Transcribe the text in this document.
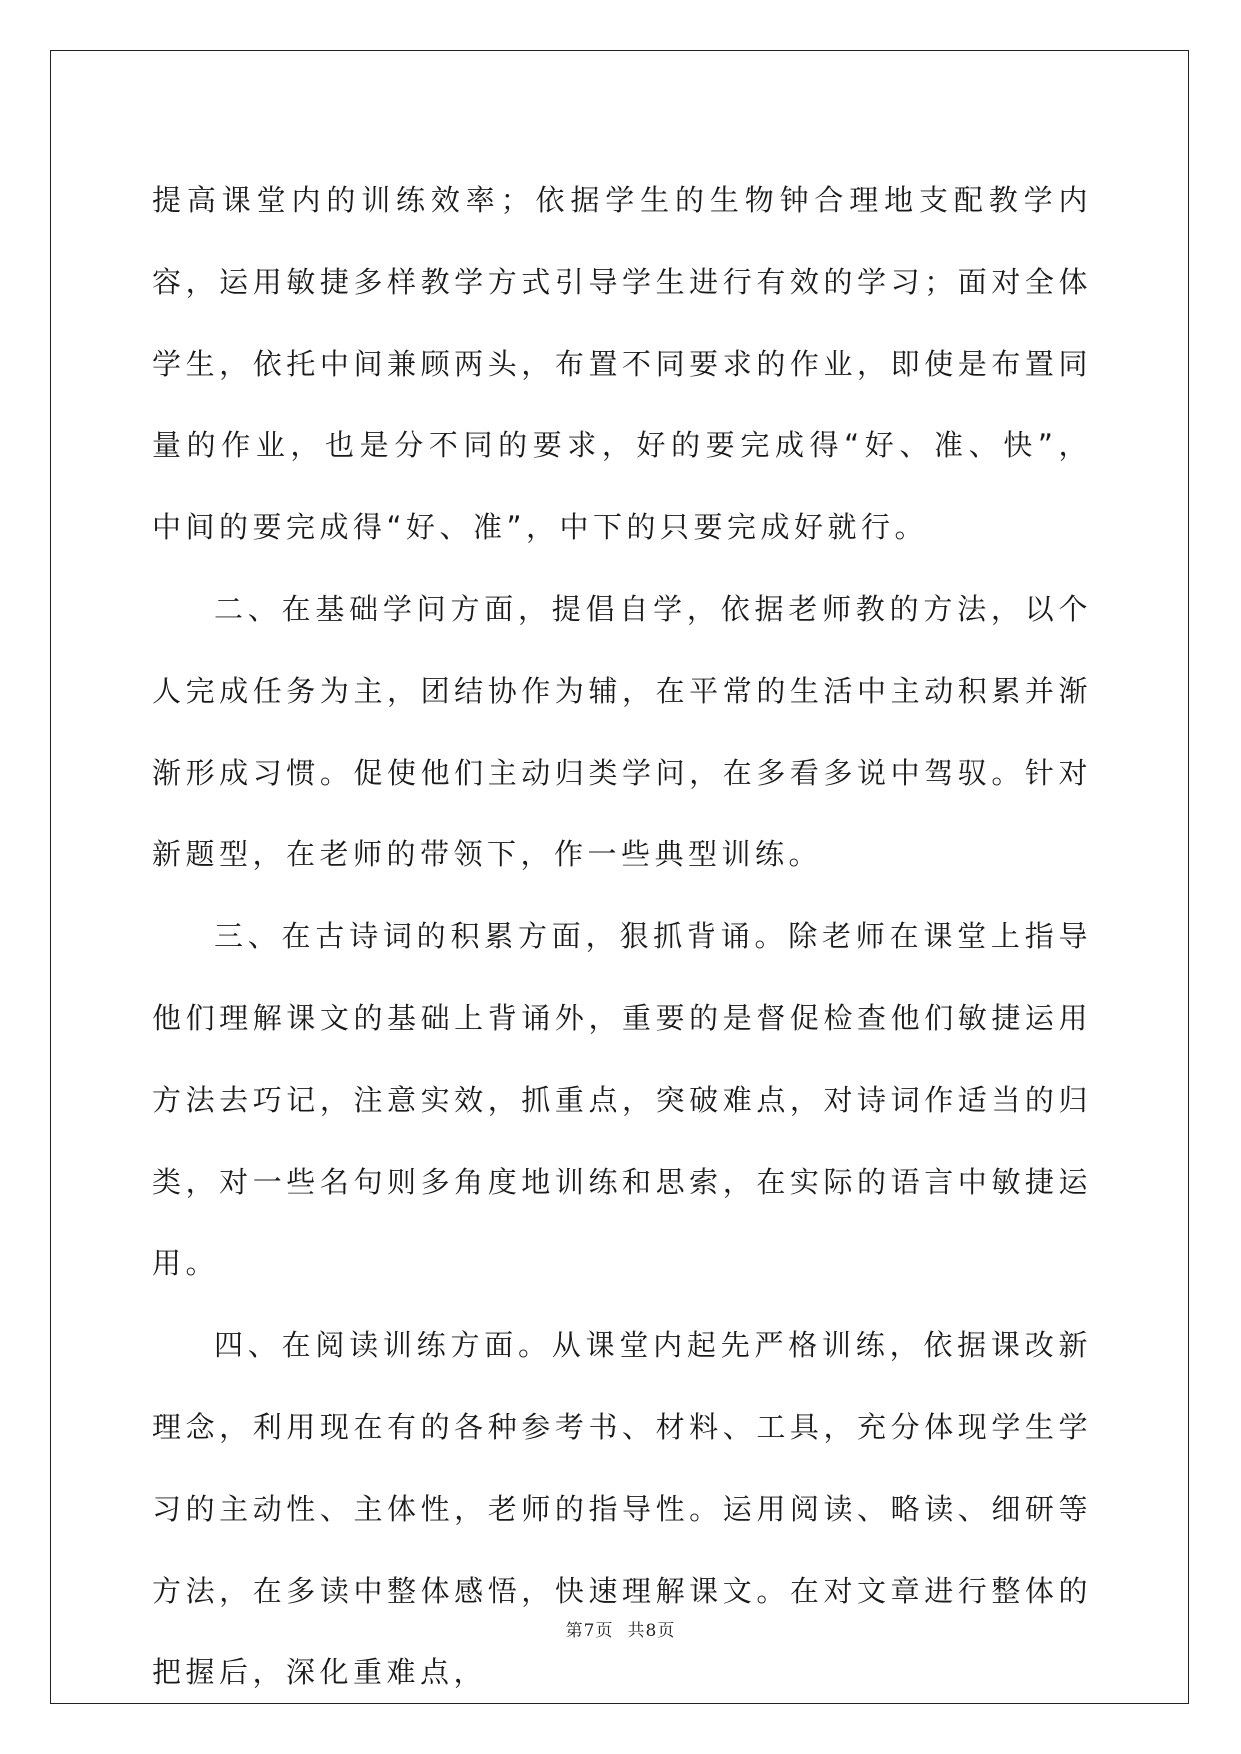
提高课堂内的训练效率；依据学生的生物钟合理地支配教学内容，运用敏捷多样教学方式引导学生进行有效的学习；面对全体学生，依托中间兼顾两头，布置不同要求的作业，即使是布置同量的作业，也是分不同的要求，好的要完成得“好、准、快”，中间的要完成得“好、准”，中下的只要完成好就行。

二、在基础学问方面，提倡自学，依据老师教的方法，以个人完成任务为主，团结协作为辅，在平常的生活中主动积累并渐渐形成习惯。促使他们主动归类学问，在多看多说中驾驭。针对新题型，在老师的带领下，作一些典型训练。

三、在古诗词的积累方面，狠抓背诵。除老师在课堂上指导他们理解课文的基础上背诵外，重要的是督促检查他们敏捷运用方法去巧记，注意实效，抓重点，突破难点，对诗词作适当的归类，对一些名句则多角度地训练和思索，在实际的语言中敏捷运用。

四、在阅读训练方面。从课堂内起先严格训练，依据课改新理念，利用现在有的各种参考书、材料、工具，充分体现学生学习的主动性、主体性，老师的指导性。运用阅读、略读、细研等方法，在多读中整体感悟，快速理解课文。在对文章进行整体的把握后，深化重难点，

第7页 共8页
